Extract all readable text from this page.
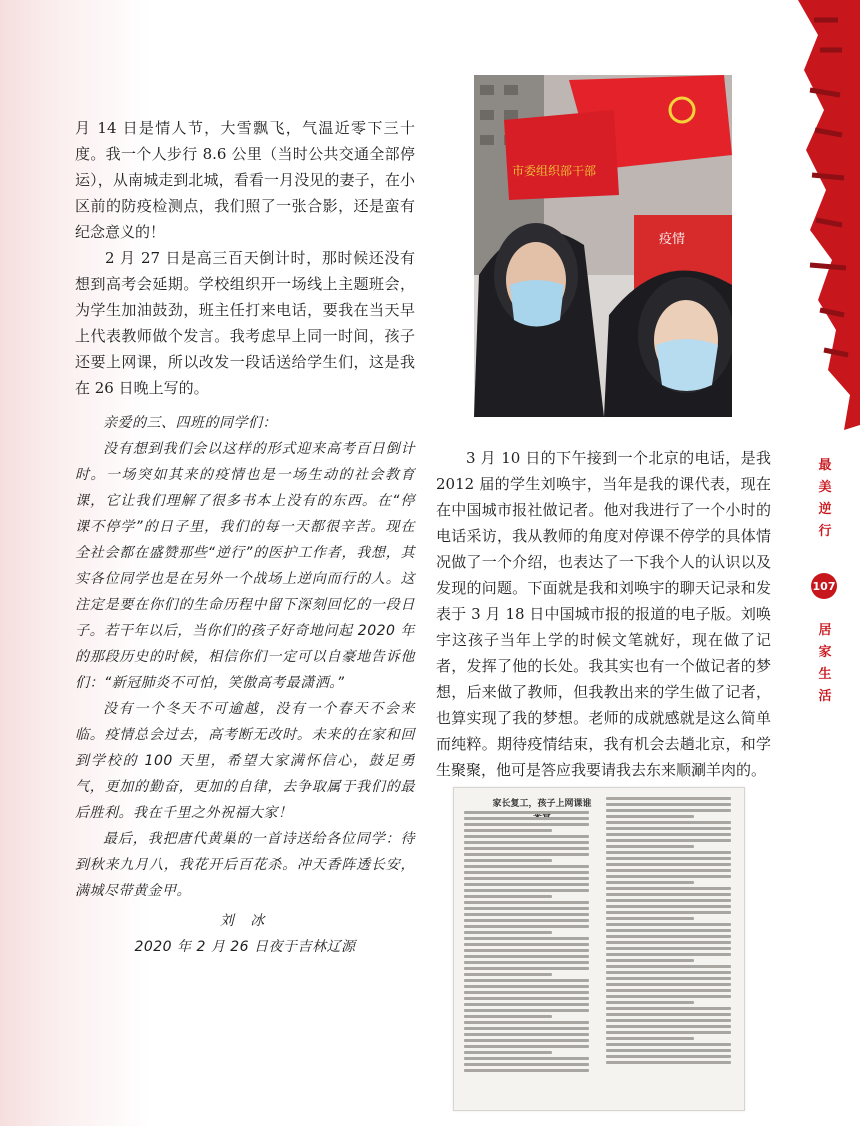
最美逆行
107
居家生活

月 14 日是情人节，大雪飘飞，气温近零下三十度。我一个人步行 8.6 公里（当时公共交通全部停运），从南城走到北城，看看一月没见的妻子，在小区前的防疫检测点，我们照了一张合影，还是蛮有纪念意义的！

2 月 27 日是高三百天倒计时，那时候还没有想到高考会延期。学校组织开一场线上主题班会，为学生加油鼓劲，班主任打来电话，要我在当天早上代表教师做个发言。我考虑早上同一时间，孩子还要上网课，所以改发一段话送给学生们，这是我在 26 日晚上写的。

亲爱的三、四班的同学们：

没有想到我们会以这样的形式迎来高考百日倒计时。一场突如其来的疫情也是一场生动的社会教育课，它让我们理解了很多书本上没有的东西。在“停课不停学”的日子里，我们的每一天都很辛苦。现在全社会都在盛赞那些“逆行”的医护工作者，我想，其实各位同学也是在另外一个战场上逆向而行的人。这注定是要在你们的生命历程中留下深刻回忆的一段日子。若干年以后，当你们的孩子好奇地问起 2020 年的那段历史的时候，相信你们一定可以自豪地告诉他们：“新冠肺炎不可怕，笑傲高考最潇洒。”

没有一个冬天不可逾越，没有一个春天不会来临。疫情总会过去，高考断无改时。未来的在家和回到学校的 100 天里，希望大家满怀信心，鼓足勇气，更加的勤奋，更加的自律，去争取属于我们的最后胜利。我在千里之外祝福大家！

最后，我把唐代黄巢的一首诗送给各位同学：待到秋来九月八，我花开后百花杀。冲天香阵透长安，满城尽带黄金甲。

刘 冰

2020 年 2 月 26 日夜于吉林辽源

市委组织部干部
疫情

3 月 10 日的下午接到一个北京的电话，是我 2012 届的学生刘唤宇，当年是我的课代表，现在在中国城市报社做记者。他对我进行了一个小时的电话采访，我从教师的角度对停课不停学的具体情况做了一个介绍，也表达了一下我个人的认识以及发现的问题。下面就是我和刘唤宇的聊天记录和发表于 3 月 18 日中国城市报的报道的电子版。刘唤宇这孩子当年上学的时候文笔就好，现在做了记者，发挥了他的长处。我其实也有一个做记者的梦想，后来做了教师，但我教出来的学生做了记者，也算实现了我的梦想。老师的成就感就是这么简单而纯粹。期待疫情结束，我有机会去趟北京，和学生聚聚，他可是答应我要请我去东来顺涮羊肉的。

家长复工，孩子上网课谁
